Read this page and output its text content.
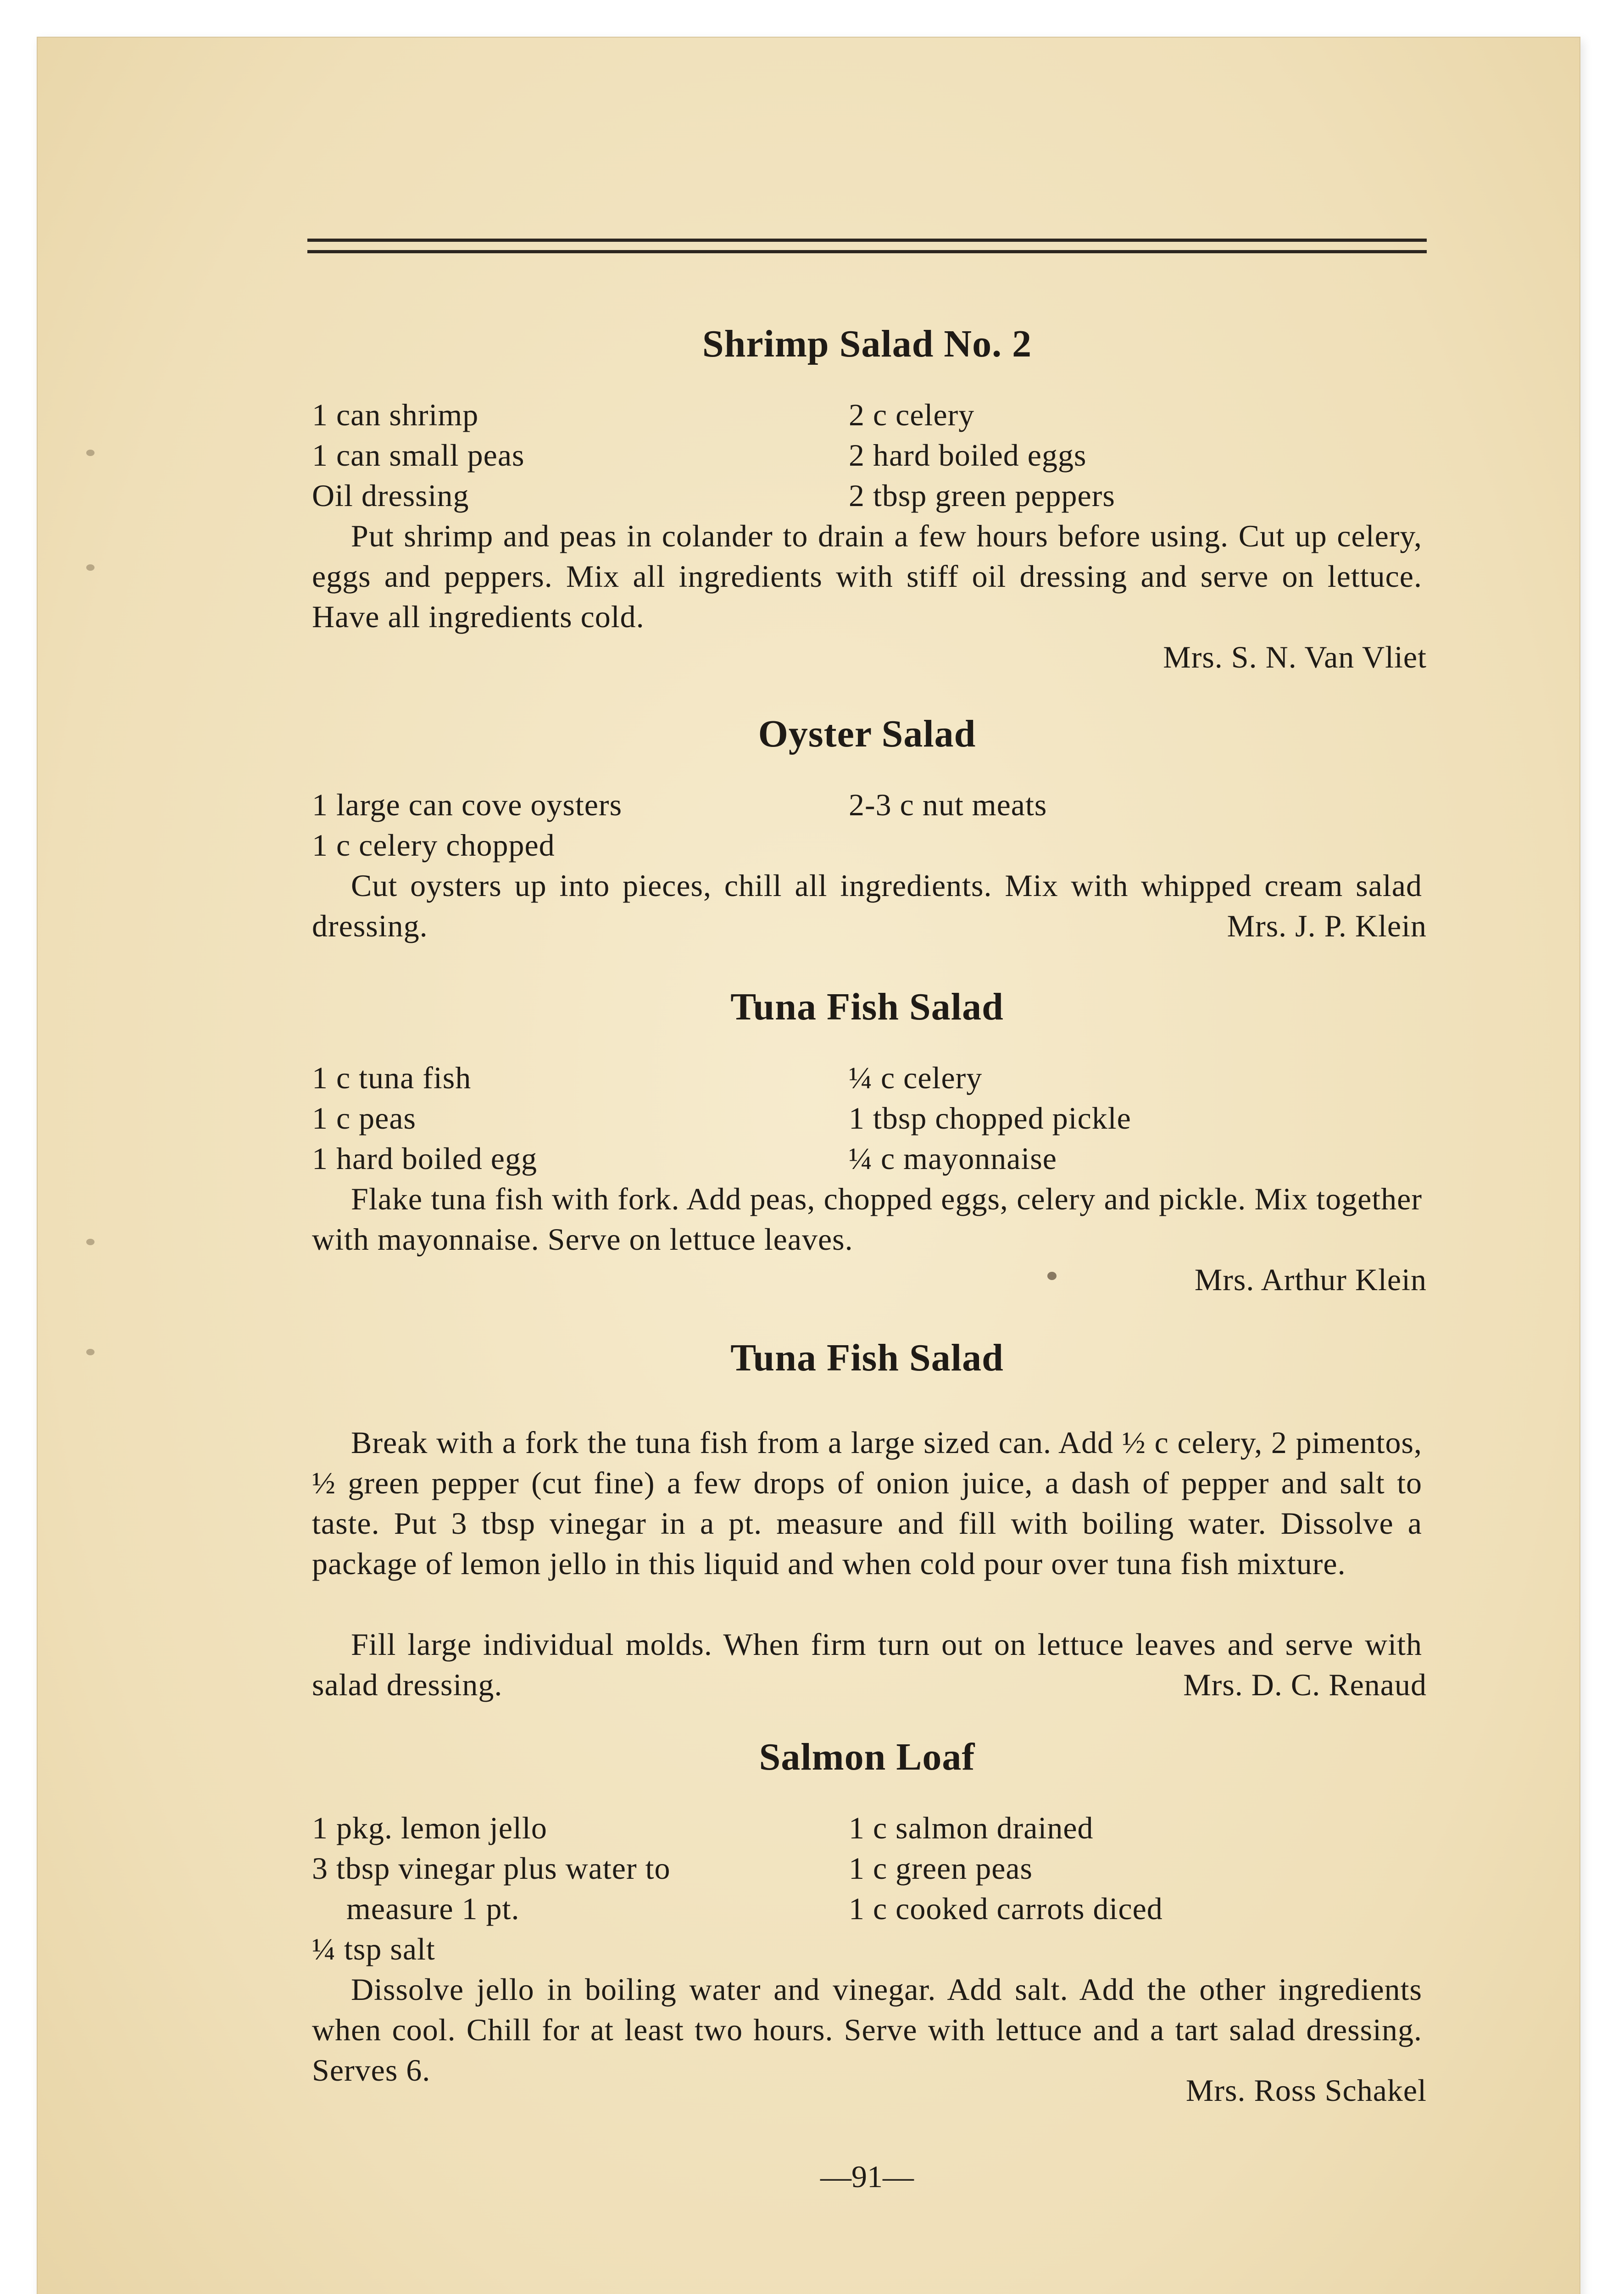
Shrimp Salad No. 2
1 can shrimp
1 can small peas
Oil dressing
2 c celery
2 hard boiled eggs
2 tbsp green peppers
Put shrimp and peas in colander to drain a few hours before using. Cut up celery, eggs and peppers. Mix all ingredients with stiff oil dressing and serve on lettuce. Have all ingredients cold.
Mrs. S. N. Van Vliet
Oyster Salad
1 large can cove oysters
1 c celery chopped
2-3 c nut meats
Cut oysters up into pieces, chill all ingredients. Mix with whipped cream salad dressing.	Mrs. J. P. Klein
Tuna Fish Salad
1 c tuna fish
1 c peas
1 hard boiled egg
¼ c celery
1 tbsp chopped pickle
¼ c mayonnaise
Flake tuna fish with fork. Add peas, chopped eggs, celery and pickle. Mix together with mayonnaise. Serve on lettuce leaves.
Mrs. Arthur Klein
Tuna Fish Salad
Break with a fork the tuna fish from a large sized can. Add ½ c celery, 2 pimentos, ½ green pepper (cut fine) a few drops of onion juice, a dash of pepper and salt to taste. Put 3 tbsp vinegar in a pt. measure and fill with boiling water. Dissolve a package of lemon jello in this liquid and when cold pour over tuna fish mixture.
Fill large individual molds. When firm turn out on lettuce leaves and serve with salad dressing.	Mrs. D. C. Renaud
Salmon Loaf
1 pkg. lemon jello
3 tbsp vinegar plus water to
measure 1 pt.
¼ tsp salt
1 c salmon drained
1 c green peas
1 c cooked carrots diced
Dissolve jello in boiling water and vinegar. Add salt. Add the other ingredients when cool. Chill for at least two hours. Serve with lettuce and a tart salad dressing. Serves 6.
Mrs. Ross Schakel
—91—
